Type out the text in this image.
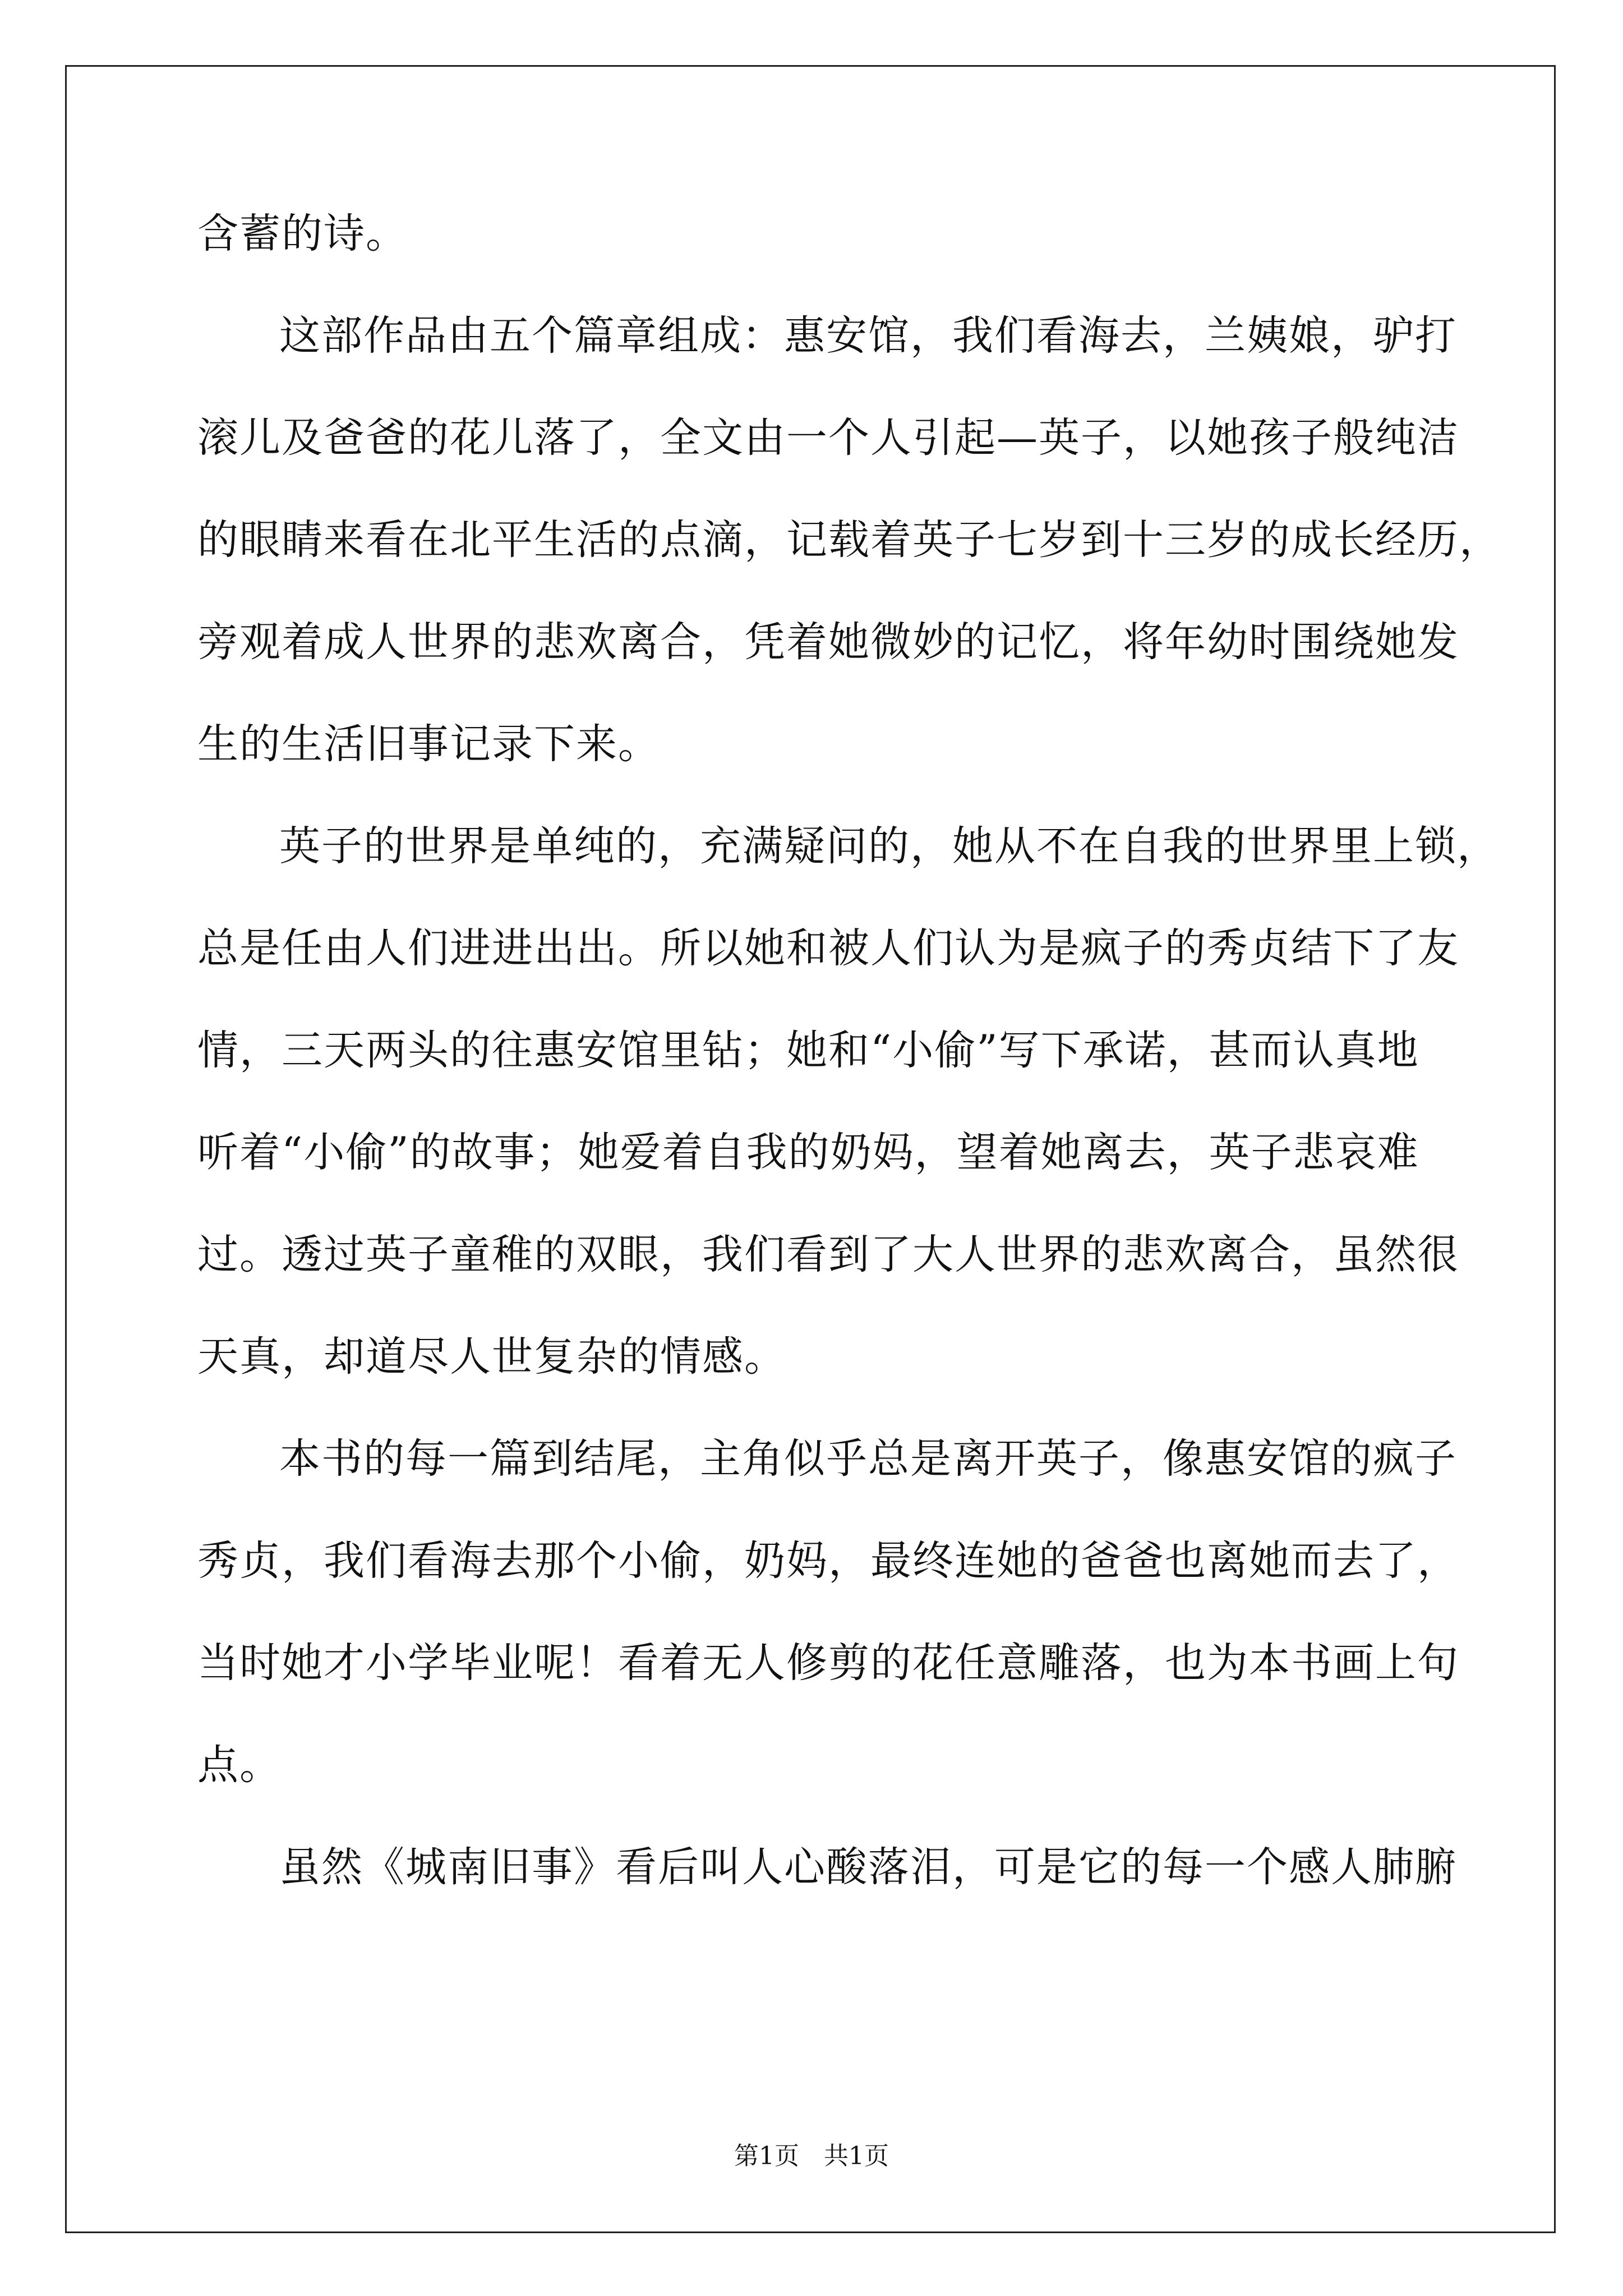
含蓄的诗。

这部作品由五个篇章组成：惠安馆，我们看海去，兰姨娘，驴打
滚儿及爸爸的花儿落了，全文由一个人引起—英子，以她孩子般纯洁
的眼睛来看在北平生活的点滴，记载着英子七岁到十三岁的成长经历，
旁观着成人世界的悲欢离合，凭着她微妙的记忆，将年幼时围绕她发
生的生活旧事记录下来。

英子的世界是单纯的，充满疑问的，她从不在自我的世界里上锁，
总是任由人们进进出出。所以她和被人们认为是疯子的秀贞结下了友
情，三天两头的往惠安馆里钻；她和“小偷”写下承诺，甚而认真地
听着“小偷”的故事；她爱着自我的奶妈，望着她离去，英子悲哀难
过。透过英子童稚的双眼，我们看到了大人世界的悲欢离合，虽然很
天真，却道尽人世复杂的情感。

本书的每一篇到结尾，主角似乎总是离开英子，像惠安馆的疯子
秀贞，我们看海去那个小偷，奶妈，最终连她的爸爸也离她而去了，
当时她才小学毕业呢！看着无人修剪的花任意雕落，也为本书画上句
点。

虽然《城南旧事》看后叫人心酸落泪，可是它的每一个感人肺腑

第1页　共1页
